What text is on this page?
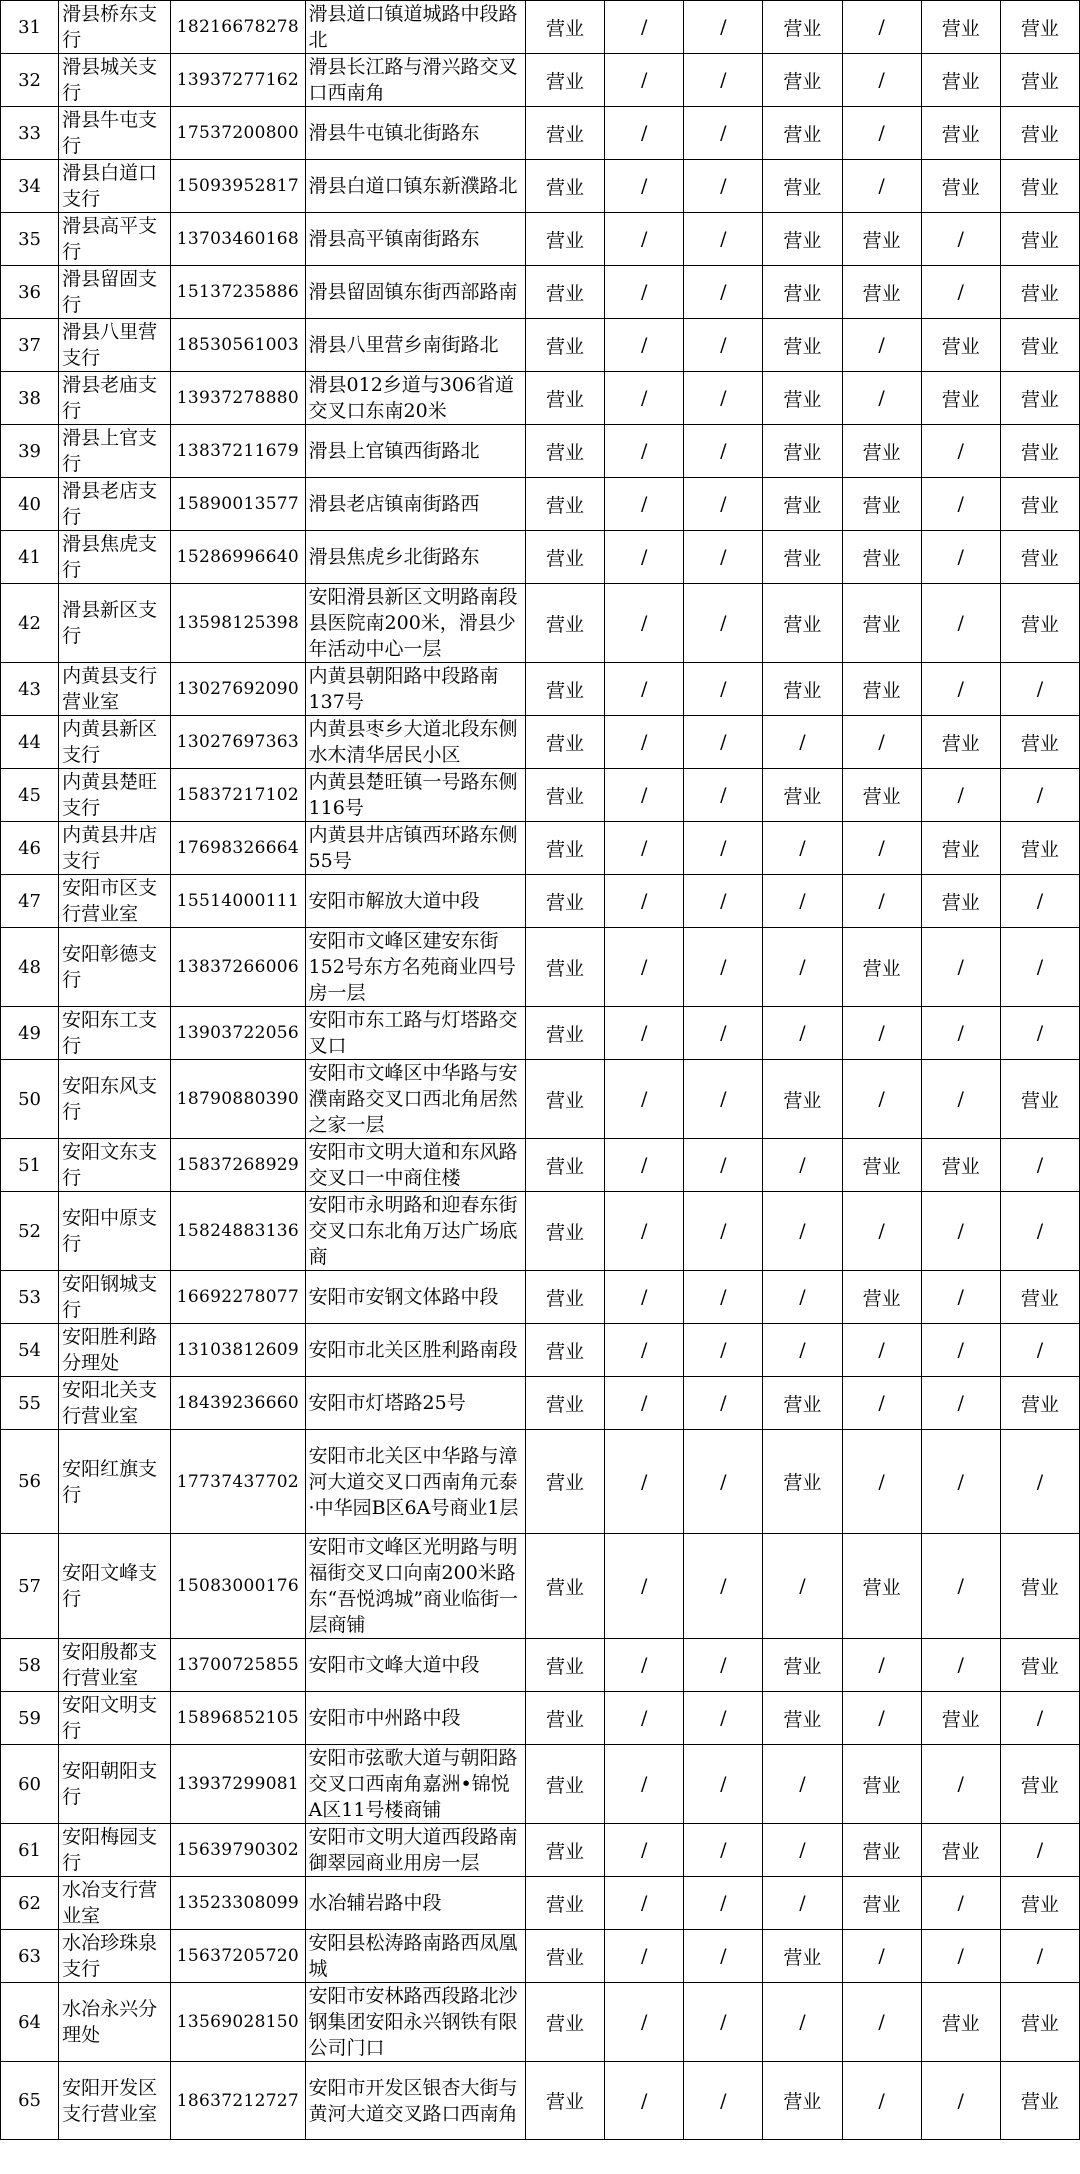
31	滑县桥东支行	18216678278	滑县道口镇道城路中段路北	营业	/	/	营业	/	营业	营业
32	滑县城关支行	13937277162	滑县长江路与滑兴路交叉口西南角	营业	/	/	营业	/	营业	营业
33	滑县牛屯支行	17537200800	滑县牛屯镇北街路东	营业	/	/	营业	/	营业	营业
34	滑县白道口支行	15093952817	滑县白道口镇东新濮路北	营业	/	/	营业	/	营业	营业
35	滑县高平支行	13703460168	滑县高平镇南街路东	营业	/	/	营业	营业	/	营业
36	滑县留固支行	15137235886	滑县留固镇东街西部路南	营业	/	/	营业	营业	/	营业
37	滑县八里营支行	18530561003	滑县八里营乡南街路北	营业	/	/	营业	/	营业	营业
38	滑县老庙支行	13937278880	滑县012乡道与306省道交叉口东南20米	营业	/	/	营业	/	营业	营业
39	滑县上官支行	13837211679	滑县上官镇西街路北	营业	/	/	营业	营业	/	营业
40	滑县老店支行	15890013577	滑县老店镇南街路西	营业	/	/	营业	营业	/	营业
41	滑县焦虎支行	15286996640	滑县焦虎乡北街路东	营业	/	/	营业	营业	/	营业
42	滑县新区支行	13598125398	安阳滑县新区文明路南段县医院南200米，滑县少年活动中心一层	营业	/	/	营业	营业	/	营业
43	内黄县支行营业室	13027692090	内黄县朝阳路中段路南137号	营业	/	/	营业	营业	/	/
44	内黄县新区支行	13027697363	内黄县枣乡大道北段东侧水木清华居民小区	营业	/	/	/	/	营业	营业
45	内黄县楚旺支行	15837217102	内黄县楚旺镇一号路东侧116号	营业	/	/	营业	营业	/	/
46	内黄县井店支行	17698326664	内黄县井店镇西环路东侧55号	营业	/	/	/	/	营业	营业
47	安阳市区支行营业室	15514000111	安阳市解放大道中段	营业	/	/	/	/	营业	/
48	安阳彰德支行	13837266006	安阳市文峰区建安东街152号东方名苑商业四号房一层	营业	/	/	/	营业	/	/
49	安阳东工支行	13903722056	安阳市东工路与灯塔路交叉口	营业	/	/	/	/	/	/
50	安阳东风支行	18790880390	安阳市文峰区中华路与安濮南路交叉口西北角居然之家一层	营业	/	/	营业	/	/	营业
51	安阳文东支行	15837268929	安阳市文明大道和东风路交叉口一中商住楼	营业	/	/	/	营业	营业	/
52	安阳中原支行	15824883136	安阳市永明路和迎春东街交叉口东北角万达广场底商	营业	/	/	/	/	/	/
53	安阳钢城支行	16692278077	安阳市安钢文体路中段	营业	/	/	/	营业	/	营业
54	安阳胜利路分理处	13103812609	安阳市北关区胜利路南段	营业	/	/	/	/	/	/
55	安阳北关支行营业室	18439236660	安阳市灯塔路25号	营业	/	/	营业	/	/	营业
56	安阳红旗支行	17737437702	安阳市北关区中华路与漳河大道交叉口西南角元泰·中华园B区6A号商业1层	营业	/	/	营业	/	/	/
57	安阳文峰支行	15083000176	安阳市文峰区光明路与明福街交叉口向南200米路东“吾悦鸿城”商业临街一层商铺	营业	/	/	/	营业	/	营业
58	安阳殷都支行营业室	13700725855	安阳市文峰大道中段	营业	/	/	营业	/	/	营业
59	安阳文明支行	15896852105	安阳市中州路中段	营业	/	/	营业	/	营业	/
60	安阳朝阳支行	13937299081	安阳市弦歌大道与朝阳路交叉口西南角嘉洲•锦悦A区11号楼商铺	营业	/	/	/	营业	/	营业
61	安阳梅园支行	15639790302	安阳市文明大道西段路南御翠园商业用房一层	营业	/	/	/	营业	营业	/
62	水冶支行营业室	13523308099	水冶辅岩路中段	营业	/	/	/	营业	/	营业
63	水冶珍珠泉支行	15637205720	安阳县松涛路南路西凤凰城	营业	/	/	营业	/	/	/
64	水冶永兴分理处	13569028150	安阳市安林路西段路北沙钢集团安阳永兴钢铁有限公司门口	营业	/	/	/	/	营业	营业
65	安阳开发区支行营业室	18637212727	安阳市开发区银杏大街与黄河大道交叉路口西南角	营业	/	/	营业	/	/	营业
